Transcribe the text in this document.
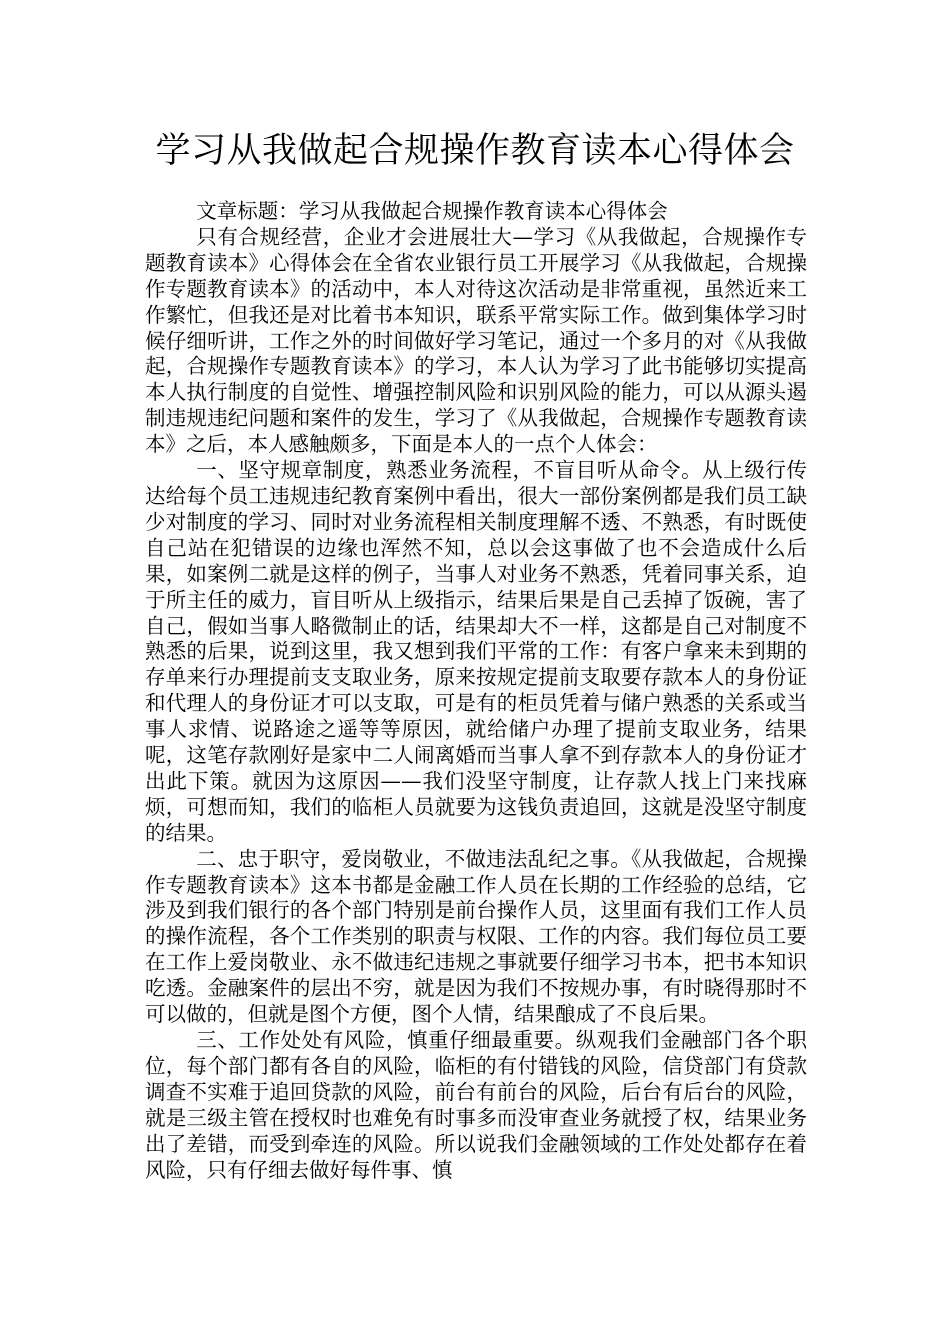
学习从我做起合规操作教育读本心得体会

文章标题：学习从我做起合规操作教育读本心得体会

只有合规经营，企业才会进展壮大—学习《从我做起，合规操作专题教育读本》心得体会在全省农业银行员工开展学习《从我做起，合规操作专题教育读本》的活动中，本人对待这次活动是非常重视，虽然近来工作繁忙，但我还是对比着书本知识，联系平常实际工作。做到集体学习时候仔细听讲，工作之外的时间做好学习笔记，通过一个多月的对《从我做起，合规操作专题教育读本》的学习，本人认为学习了此书能够切实提高本人执行制度的自觉性、增强控制风险和识别风险的能力，可以从源头遏制违规违纪问题和案件的发生，学习了《从我做起，合规操作专题教育读本》之后，本人感触颇多，下面是本人的一点个人体会：

一、坚守规章制度，熟悉业务流程，不盲目听从命令。从上级行传达给每个员工违规违纪教育案例中看出，很大一部份案例都是我们员工缺少对制度的学习、同时对业务流程相关制度理解不透、不熟悉，有时既使自己站在犯错误的边缘也浑然不知，总以会这事做了也不会造成什么后果，如案例二就是这样的例子，当事人对业务不熟悉，凭着同事关系，迫于所主任的威力，盲目听从上级指示，结果后果是自己丢掉了饭碗，害了自己，假如当事人略微制止的话，结果却大不一样，这都是自己对制度不熟悉的后果，说到这里，我又想到我们平常的工作：有客户拿来未到期的存单来行办理提前支支取业务，原来按规定提前支取要存款本人的身份证和代理人的身份证才可以支取，可是有的柜员凭着与储户熟悉的关系或当事人求情、说路途之遥等等原因，就给储户办理了提前支取业务，结果呢，这笔存款刚好是家中二人闹离婚而当事人拿不到存款本人的身份证才出此下策。就因为这原因——我们没坚守制度，让存款人找上门来找麻烦，可想而知，我们的临柜人员就要为这钱负责追回，这就是没坚守制度的结果。

二、忠于职守，爱岗敬业，不做违法乱纪之事。《从我做起，合规操作专题教育读本》这本书都是金融工作人员在长期的工作经验的总结，它涉及到我们银行的各个部门特别是前台操作人员，这里面有我们工作人员的操作流程，各个工作类别的职责与权限、工作的内容。我们每位员工要在工作上爱岗敬业、永不做违纪违规之事就要仔细学习书本，把书本知识吃透。金融案件的层出不穷，就是因为我们不按规办事，有时晓得那时不可以做的，但就是图个方便，图个人情，结果酿成了不良后果。

三、工作处处有风险，慎重仔细最重要。纵观我们金融部门各个职位，每个部门都有各自的风险，临柜的有付错钱的风险，信贷部门有贷款调查不实难于追回贷款的风险，前台有前台的风险，后台有后台的风险，就是三级主管在授权时也难免有时事多而没审查业务就授了权，结果业务出了差错，而受到牵连的风险。所以说我们金融领域的工作处处都存在着风险，只有仔细去做好每件事、慎
